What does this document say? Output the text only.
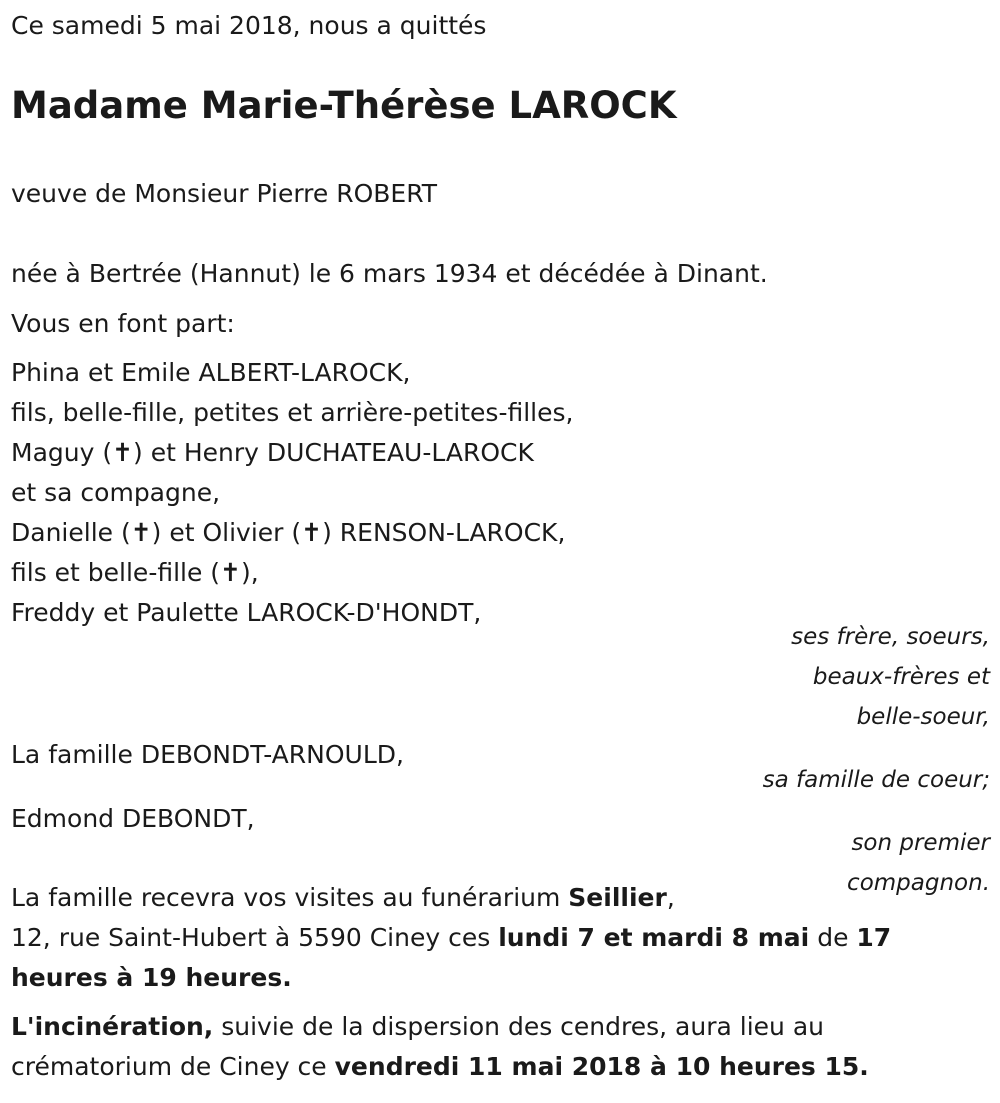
Ce samedi 5 mai 2018, nous a quittés
Madame Marie-Thérèse LAROCK
veuve de Monsieur Pierre ROBERT
née à Bertrée (Hannut) le 6 mars 1934 et décédée à Dinant.
Vous en font part:
Phina et Emile ALBERT-LAROCK,
fils, belle-fille, petites et arrière-petites-filles,
Maguy (✝) et Henry DUCHATEAU-LAROCK
et sa compagne,
Danielle (✝) et Olivier (✝) RENSON-LAROCK,
fils et belle-fille (✝),
Freddy et Paulette LAROCK-D'HONDT,
ses frère, soeurs,
beaux-frères et
belle-soeur,
La famille DEBONDT-ARNOULD,
sa famille de coeur;
Edmond DEBONDT,
son premier
compagnon.
La famille recevra vos visites au funérarium Seillier,
12, rue Saint-Hubert à 5590 Ciney ces lundi 7 et mardi 8 mai de 17
heures à 19 heures.
L'incinération, suivie de la dispersion des cendres, aura lieu au
crématorium de Ciney ce vendredi 11 mai 2018 à 10 heures 15.
